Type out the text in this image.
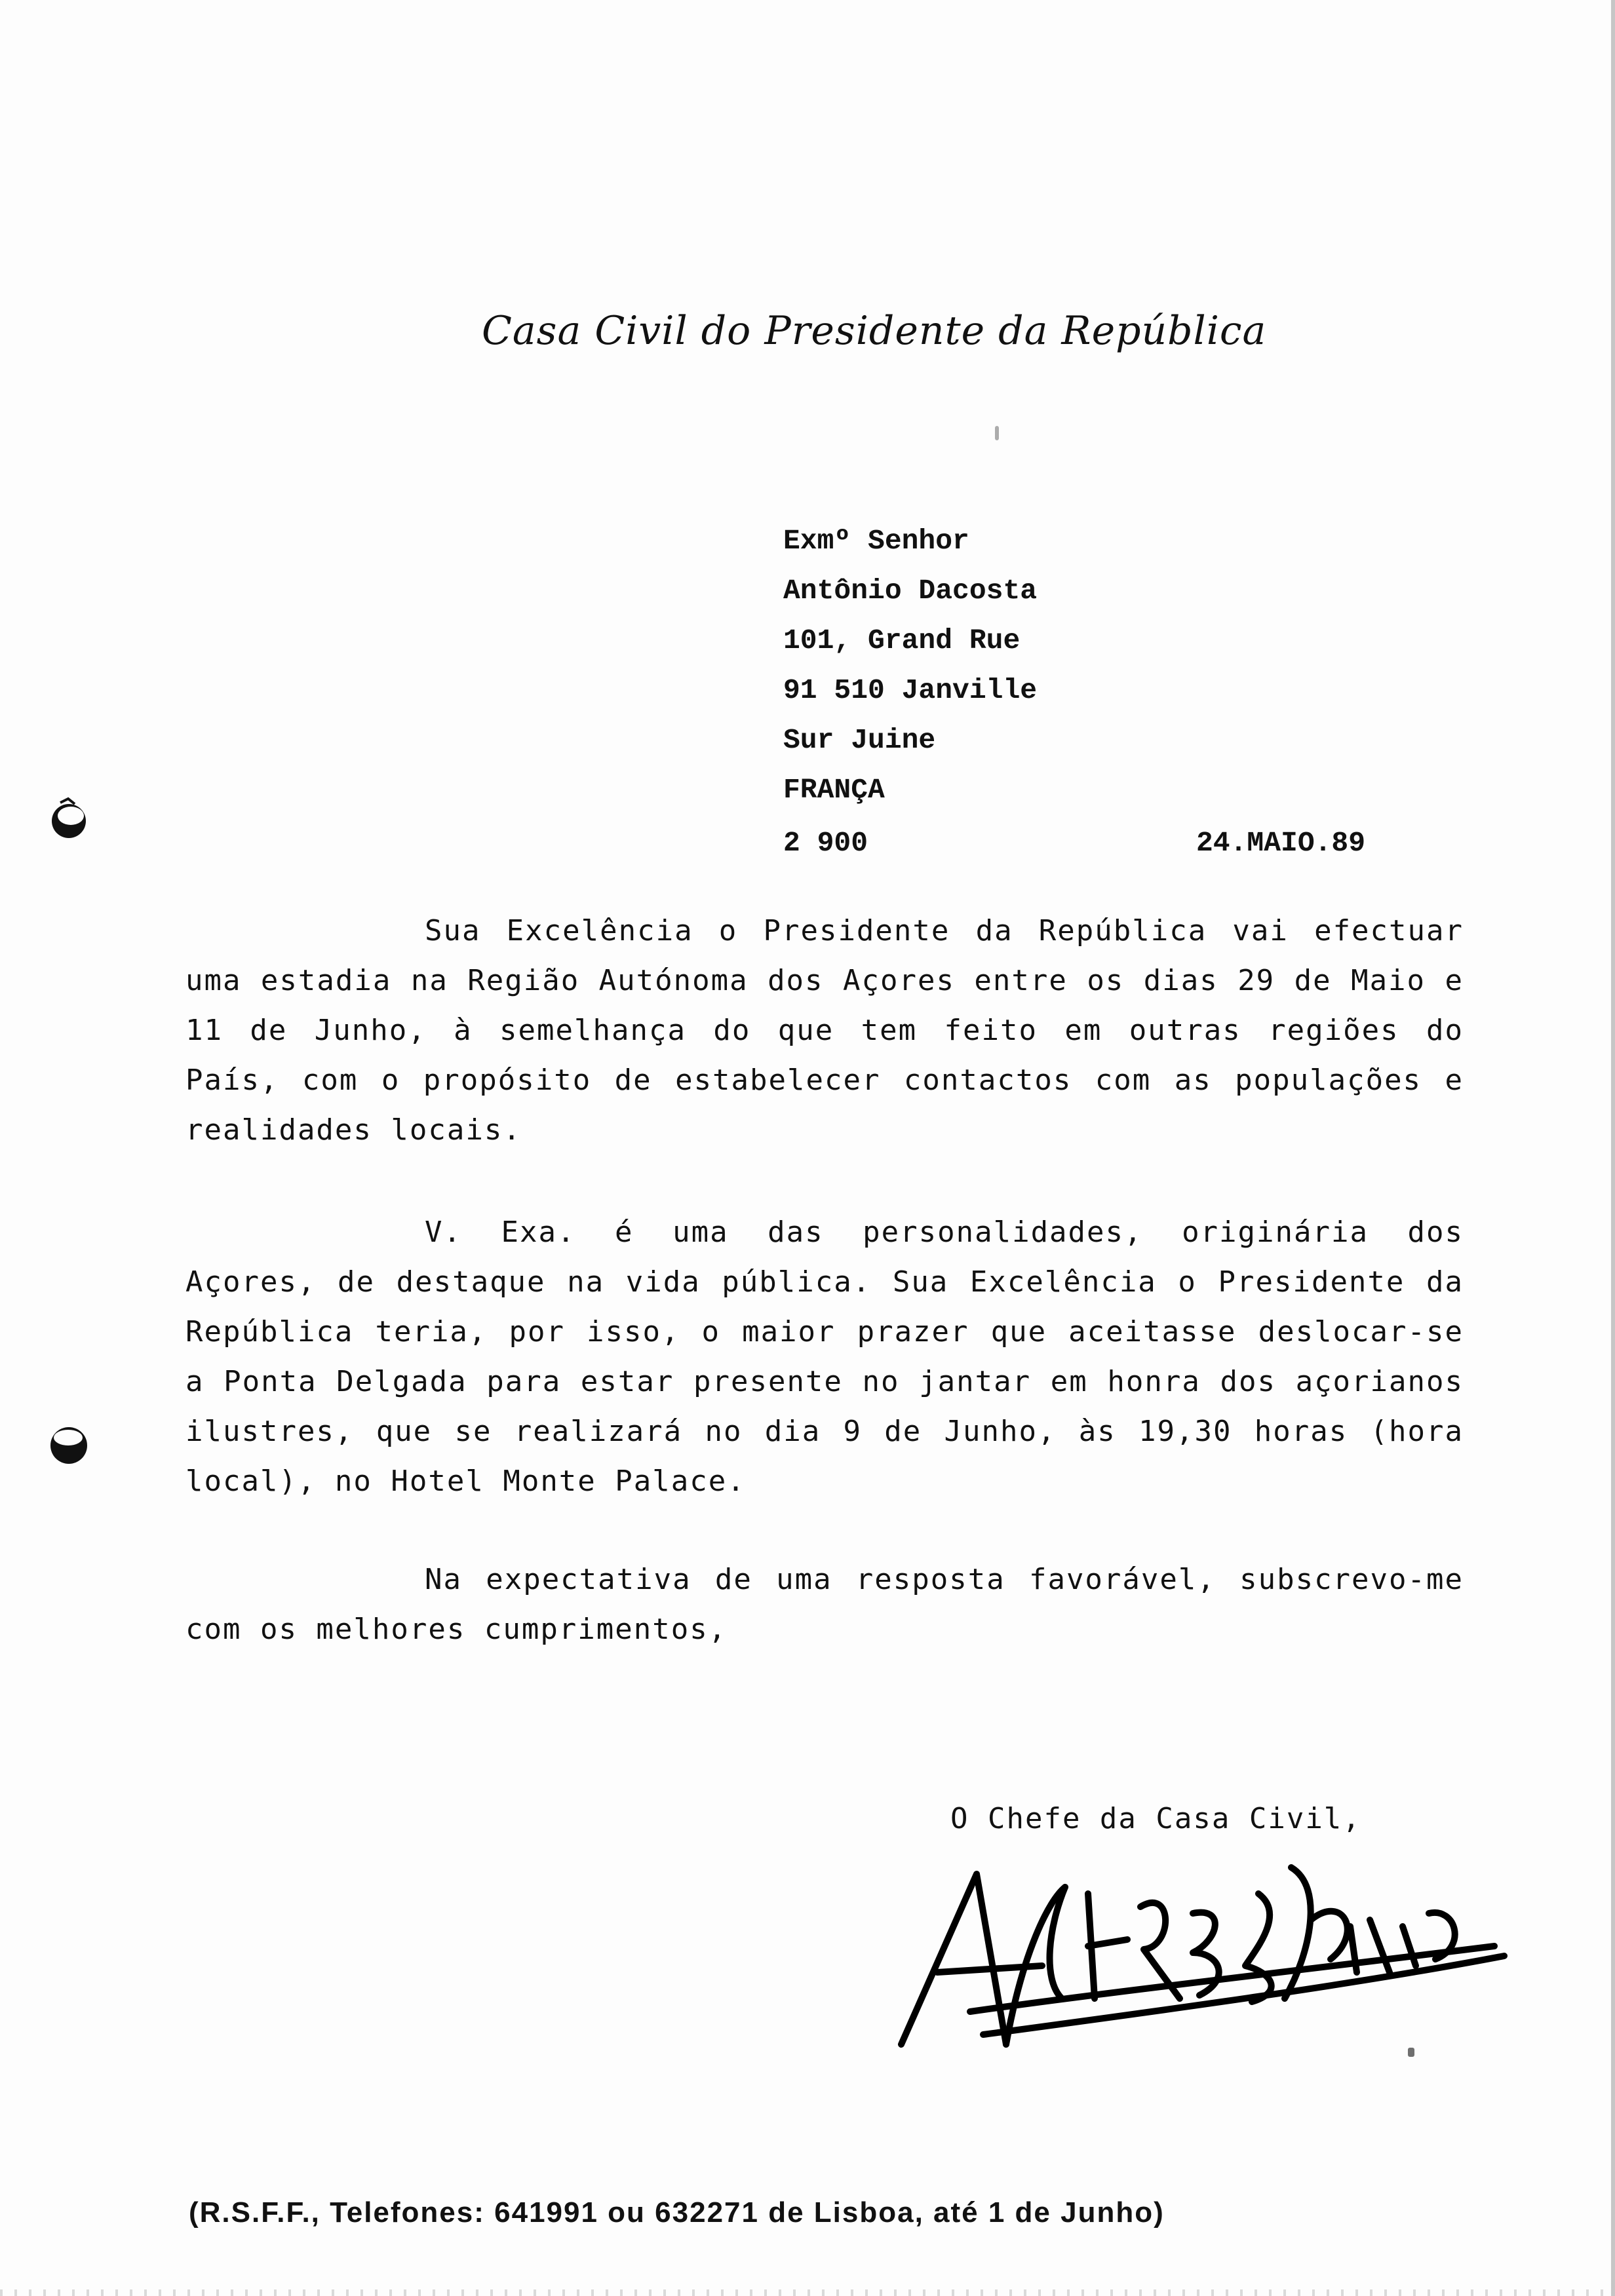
Casa Civil do Presidente da República
Exmº Senhor
Antônio Dacosta
101, Grand Rue
91 510 Janville
Sur Juine
FRANÇA
2 900	24.MAIO.89
Sua Excelência o Presidente da República vai efectuar uma estadia na Região Autónoma dos Açores entre os dias 29 de Maio e 11 de Junho, à semelhança do que tem feito em outras regiões do País, com o propósito de estabelecer contactos com as populações e realidades locais.
V. Exa. é uma das personalidades, originária dos Açores, de destaque na vida pública. Sua Excelência o Presidente da República teria, por isso, o maior prazer que aceitasse deslocar-se a Ponta Delgada para estar presente no jantar em honra dos açorianos ilustres, que se realizará no dia 9 de Junho, às 19,30 horas (hora local), no Hotel Monte Palace.
Na expectativa de uma resposta favorável, subscrevo-me com os melhores cumprimentos,
O Chefe da Casa Civil,
(R.S.F.F., Telefones: 641991 ou 632271 de Lisboa, até 1 de Junho)
